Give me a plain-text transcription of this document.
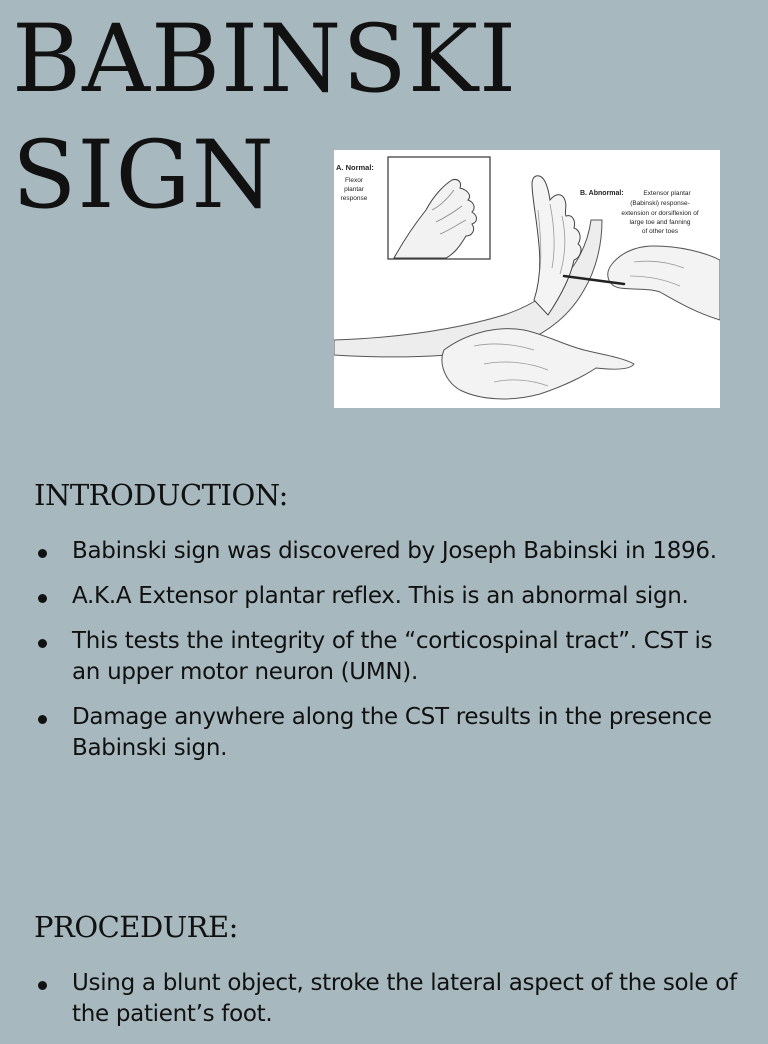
BABINSKI
SIGN	A. Normal:
Flexor
plantar
response
B. Abnormal:	Extensor plantar
(Babinski) response-
extension or dorsiflexion of
large toe and fanning
of other toes
INTRODUCTION:
Babinski sign was discovered by Joseph Babinski in 1896.
A.K.A Extensor plantar reflex. This is an abnormal sign.
This tests the integrity of the “corticospinal tract”. CST is an upper motor neuron (UMN).
Damage anywhere along the CST results in the presence Babinski sign.
PROCEDURE:
Using a blunt object, stroke the lateral aspect of the sole of the patient’s foot.
